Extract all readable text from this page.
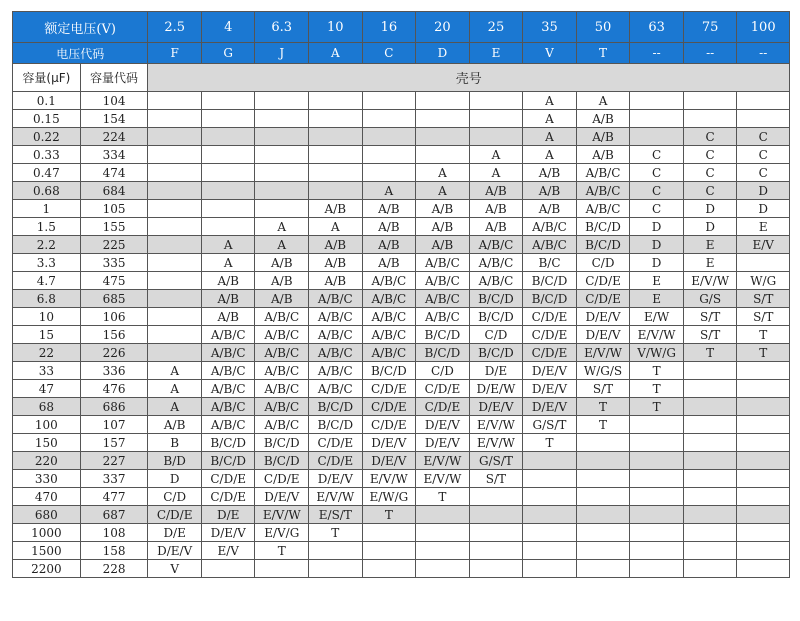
额定电压(V)		2.5	4	6.3	10	16	20	25	35	50	63	75	100
电压代码		F	G	J	A	C	D	E	V	T	--	--	--
容量(μF)	容量代码	壳号											
0.1	104								A	A			
0.15	154								A	A/B			
0.22	224								A	A/B		C	C
0.33	334							A	A	A/B	C	C	C
0.47	474						A	A	A/B	A/B/C	C	C	C
0.68	684					A	A	A/B	A/B	A/B/C	C	C	D
1	105				A/B	A/B	A/B	A/B	A/B	A/B/C	C	D	D
1.5	155			A	A	A/B	A/B	A/B	A/B/C	B/C/D	D	D	E
2.2	225		A	A	A/B	A/B	A/B	A/B/C	A/B/C	B/C/D	D	E	E/V
3.3	335		A	A/B	A/B	A/B	A/B/C	A/B/C	B/C	C/D	D	E	
4.7	475		A/B	A/B	A/B	A/B/C	A/B/C	A/B/C	B/C/D	C/D/E	E	E/V/W	W/G
6.8	685		A/B	A/B	A/B/C	A/B/C	A/B/C	B/C/D	B/C/D	C/D/E	E	G/S	S/T
10	106		A/B	A/B/C	A/B/C	A/B/C	A/B/C	B/C/D	C/D/E	D/E/V	E/W	S/T	S/T
15	156		A/B/C	A/B/C	A/B/C	A/B/C	B/C/D	C/D	C/D/E	D/E/V	E/V/W	S/T	T
22	226		A/B/C	A/B/C	A/B/C	A/B/C	B/C/D	B/C/D	C/D/E	E/V/W	V/W/G	T	T
33	336	A	A/B/C	A/B/C	A/B/C	B/C/D	C/D	D/E	D/E/V	W/G/S	T		
47	476	A	A/B/C	A/B/C	A/B/C	C/D/E	C/D/E	D/E/W	D/E/V	S/T	T		
68	686	A	A/B/C	A/B/C	B/C/D	C/D/E	C/D/E	D/E/V	D/E/V	T	T		
100	107	A/B	A/B/C	A/B/C	B/C/D	C/D/E	D/E/V	E/V/W	G/S/T	T			
150	157	B	B/C/D	B/C/D	C/D/E	D/E/V	D/E/V	E/V/W	T				
220	227	B/D	B/C/D	B/C/D	C/D/E	D/E/V	E/V/W	G/S/T					
330	337	D	C/D/E	C/D/E	D/E/V	E/V/W	E/V/W	S/T					
470	477	C/D	C/D/E	D/E/V	E/V/W	E/W/G	T						
680	687	C/D/E	D/E	E/V/W	E/S/T	T							
1000	108	D/E	D/E/V	E/V/G	T								
1500	158	D/E/V	E/V	T									
2200	228	V											
